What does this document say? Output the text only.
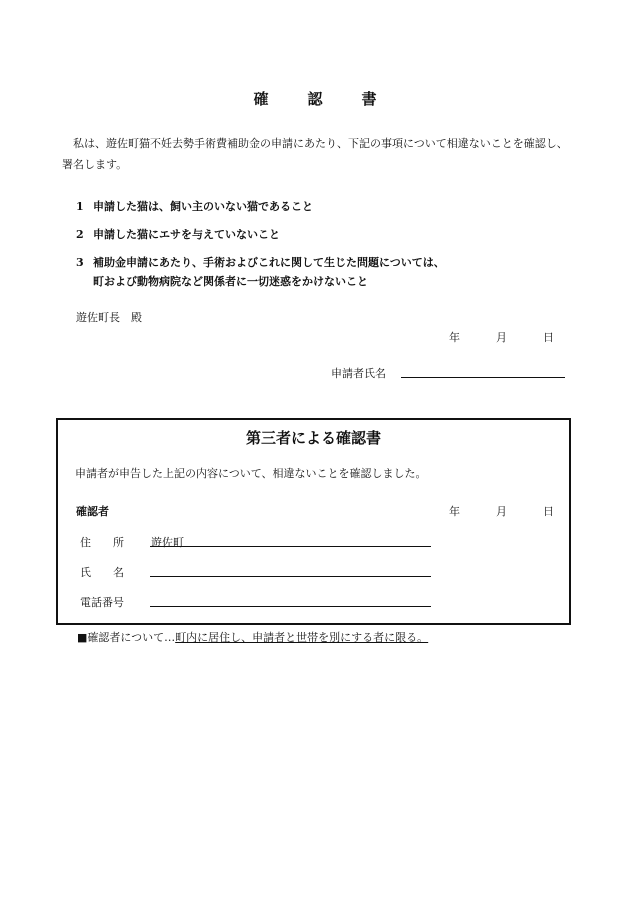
確　認　書
私は、遊佐町猫不妊去勢手術費補助金の申請にあたり、下記の事項について相違ないことを確認し、署名します。
1 申請した猫は、飼い主のいない猫であること
2 申請した猫にエサを与えていないこと
3 補助金申請にあたり、手術およびこれに関して生じた問題については、
町および動物病院など関係者に一切迷惑をかけないこと
遊佐町長　殿
年	月	日
申請者氏名
第三者による確認書
申請者が申告した上記の内容について、相違ないことを確認しました。
確認者	年	月	日
住　　所 遊佐町
氏　　名
電話番号
■確認者について…町内に居住し、申請者と世帯を別にする者に限る。
